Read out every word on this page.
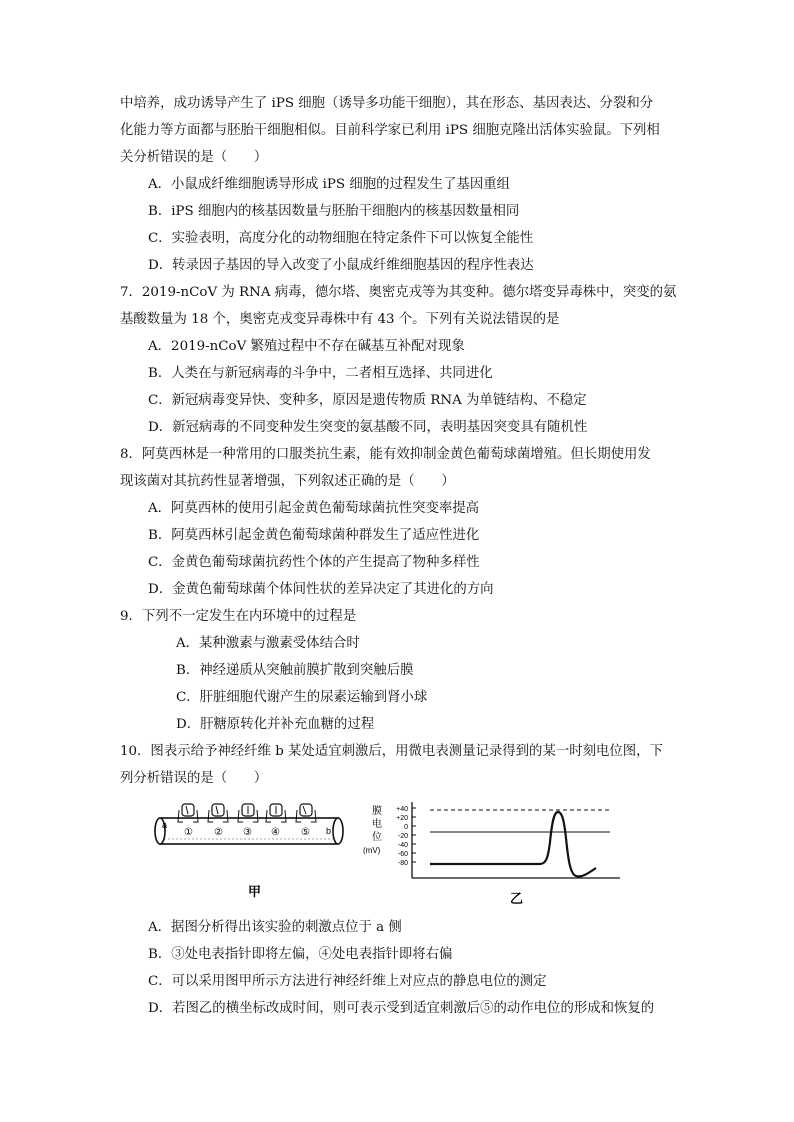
中培养，成功诱导产生了 iPS 细胞（诱导多功能干细胞），其在形态、基因表达、分裂和分
化能力等方面都与胚胎干细胞相似。目前科学家已利用 iPS 细胞克隆出活体实验鼠。下列相
关分析错误的是（　　）
A．小鼠成纤维细胞诱导形成 iPS 细胞的过程发生了基因重组
B．iPS 细胞内的核基因数量与胚胎干细胞内的核基因数量相同
C．实验表明，高度分化的动物细胞在特定条件下可以恢复全能性
D．转录因子基因的导入改变了小鼠成纤维细胞基因的程序性表达
7．2019-nCoV 为 RNA 病毒，德尔塔、奥密克戎等为其变种。德尔塔变异毒株中，突变的氨
基酸数量为 18 个，奥密克戎变异毒株中有 43 个。下列有关说法错误的是
A．2019-nCoV 繁殖过程中不存在碱基互补配对现象
B．人类在与新冠病毒的斗争中，二者相互选择、共同进化
C．新冠病毒变异快、变种多，原因是遗传物质 RNA 为单链结构、不稳定
D．新冠病毒的不同变种发生突变的氨基酸不同，表明基因突变具有随机性
8．阿莫西林是一种常用的口服类抗生素，能有效抑制金黄色葡萄球菌增殖。但长期使用发
现该菌对其抗药性显著增强，下列叙述正确的是（　　）
A．阿莫西林的使用引起金黄色葡萄球菌抗性突变率提高
B．阿莫西林引起金黄色葡萄球菌种群发生了适应性进化
C．金黄色葡萄球菌抗药性个体的产生提高了物种多样性
D．金黄色葡萄球菌个体间性状的差异决定了其进化的方向
9．下列不一定发生在内环境中的过程是
A．某种激素与激素受体结合时
B．神经递质从突触前膜扩散到突触后膜
C．肝脏细胞代谢产生的尿素运输到肾小球
D．肝糖原转化并补充血糖的过程
10．图表示给予神经纤维 b 某处适宜刺激后，用微电表测量记录得到的某一时刻电位图，下
列分析错误的是（　　）
a
b
① ② ③ ④ ⑤
甲
膜
电
位
(mV)
+40
+20
0
-20
-40
-60
-80
乙
A．据图分析得出该实验的刺激点位于 a 侧
B．③处电表指针即将左偏，④处电表指针即将右偏
C．可以采用图甲所示方法进行神经纤维上对应点的静息电位的测定
D．若图乙的横坐标改成时间，则可表示受到适宜刺激后⑤的动作电位的形成和恢复的
